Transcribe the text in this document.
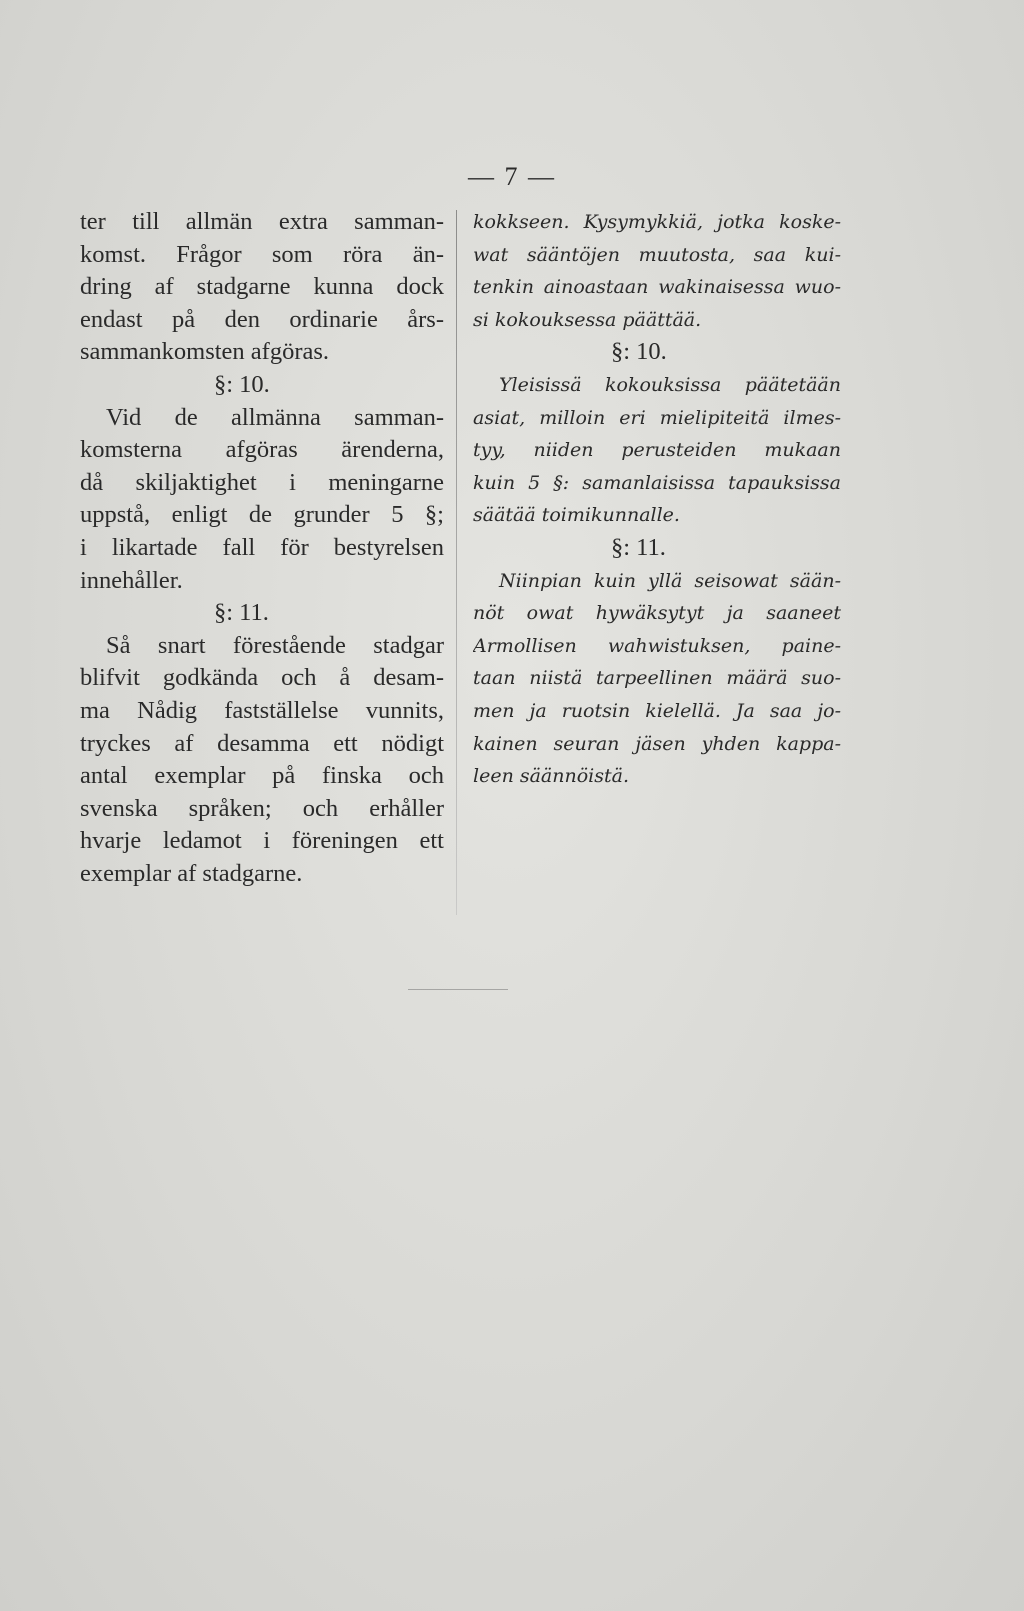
— 7 —
ter till allmän extra samman-
komst. Frågor som röra än-
dring af stadgarne kunna dock
endast på den ordinarie års-
sammankomsten afgöras.
§: 10.
Vid de allmänna samman-
komsterna afgöras ärenderna,
då skiljaktighet i meningarne
uppstå, enligt de grunder 5 §;
i likartade fall för bestyrelsen
innehåller.
§: 11.
Så snart förestående stadgar
blifvit godkända och å desam-
ma Nådig fastställelse vunnits,
tryckes af desamma ett nödigt
antal exemplar på finska och
svenska språken; och erhåller
hvarje ledamot i föreningen ett
exemplar af stadgarne.
kokkseen. Kysymykkiä, jotka koske-
wat sääntöjen muutosta, saa kui-
tenkin ainoastaan wakinaisessa wuo-
si kokouksessa päättää.
§: 10.
Yleisissä kokouksissa päätetään
asiat, milloin eri mielipiteitä ilmes-
tyy, niiden perusteiden mukaan
kuin 5 §: samanlaisissa tapauksissa
säätää toimikunnalle.
§: 11.
Niinpian kuin yllä seisowat sään-
nöt owat hywäksytyt ja saaneet
Armollisen wahwistuksen, paine-
taan niistä tarpeellinen määrä suo-
men ja ruotsin kielellä. Ja saa jo-
kainen seuran jäsen yhden kappa-
leen säännöistä.
